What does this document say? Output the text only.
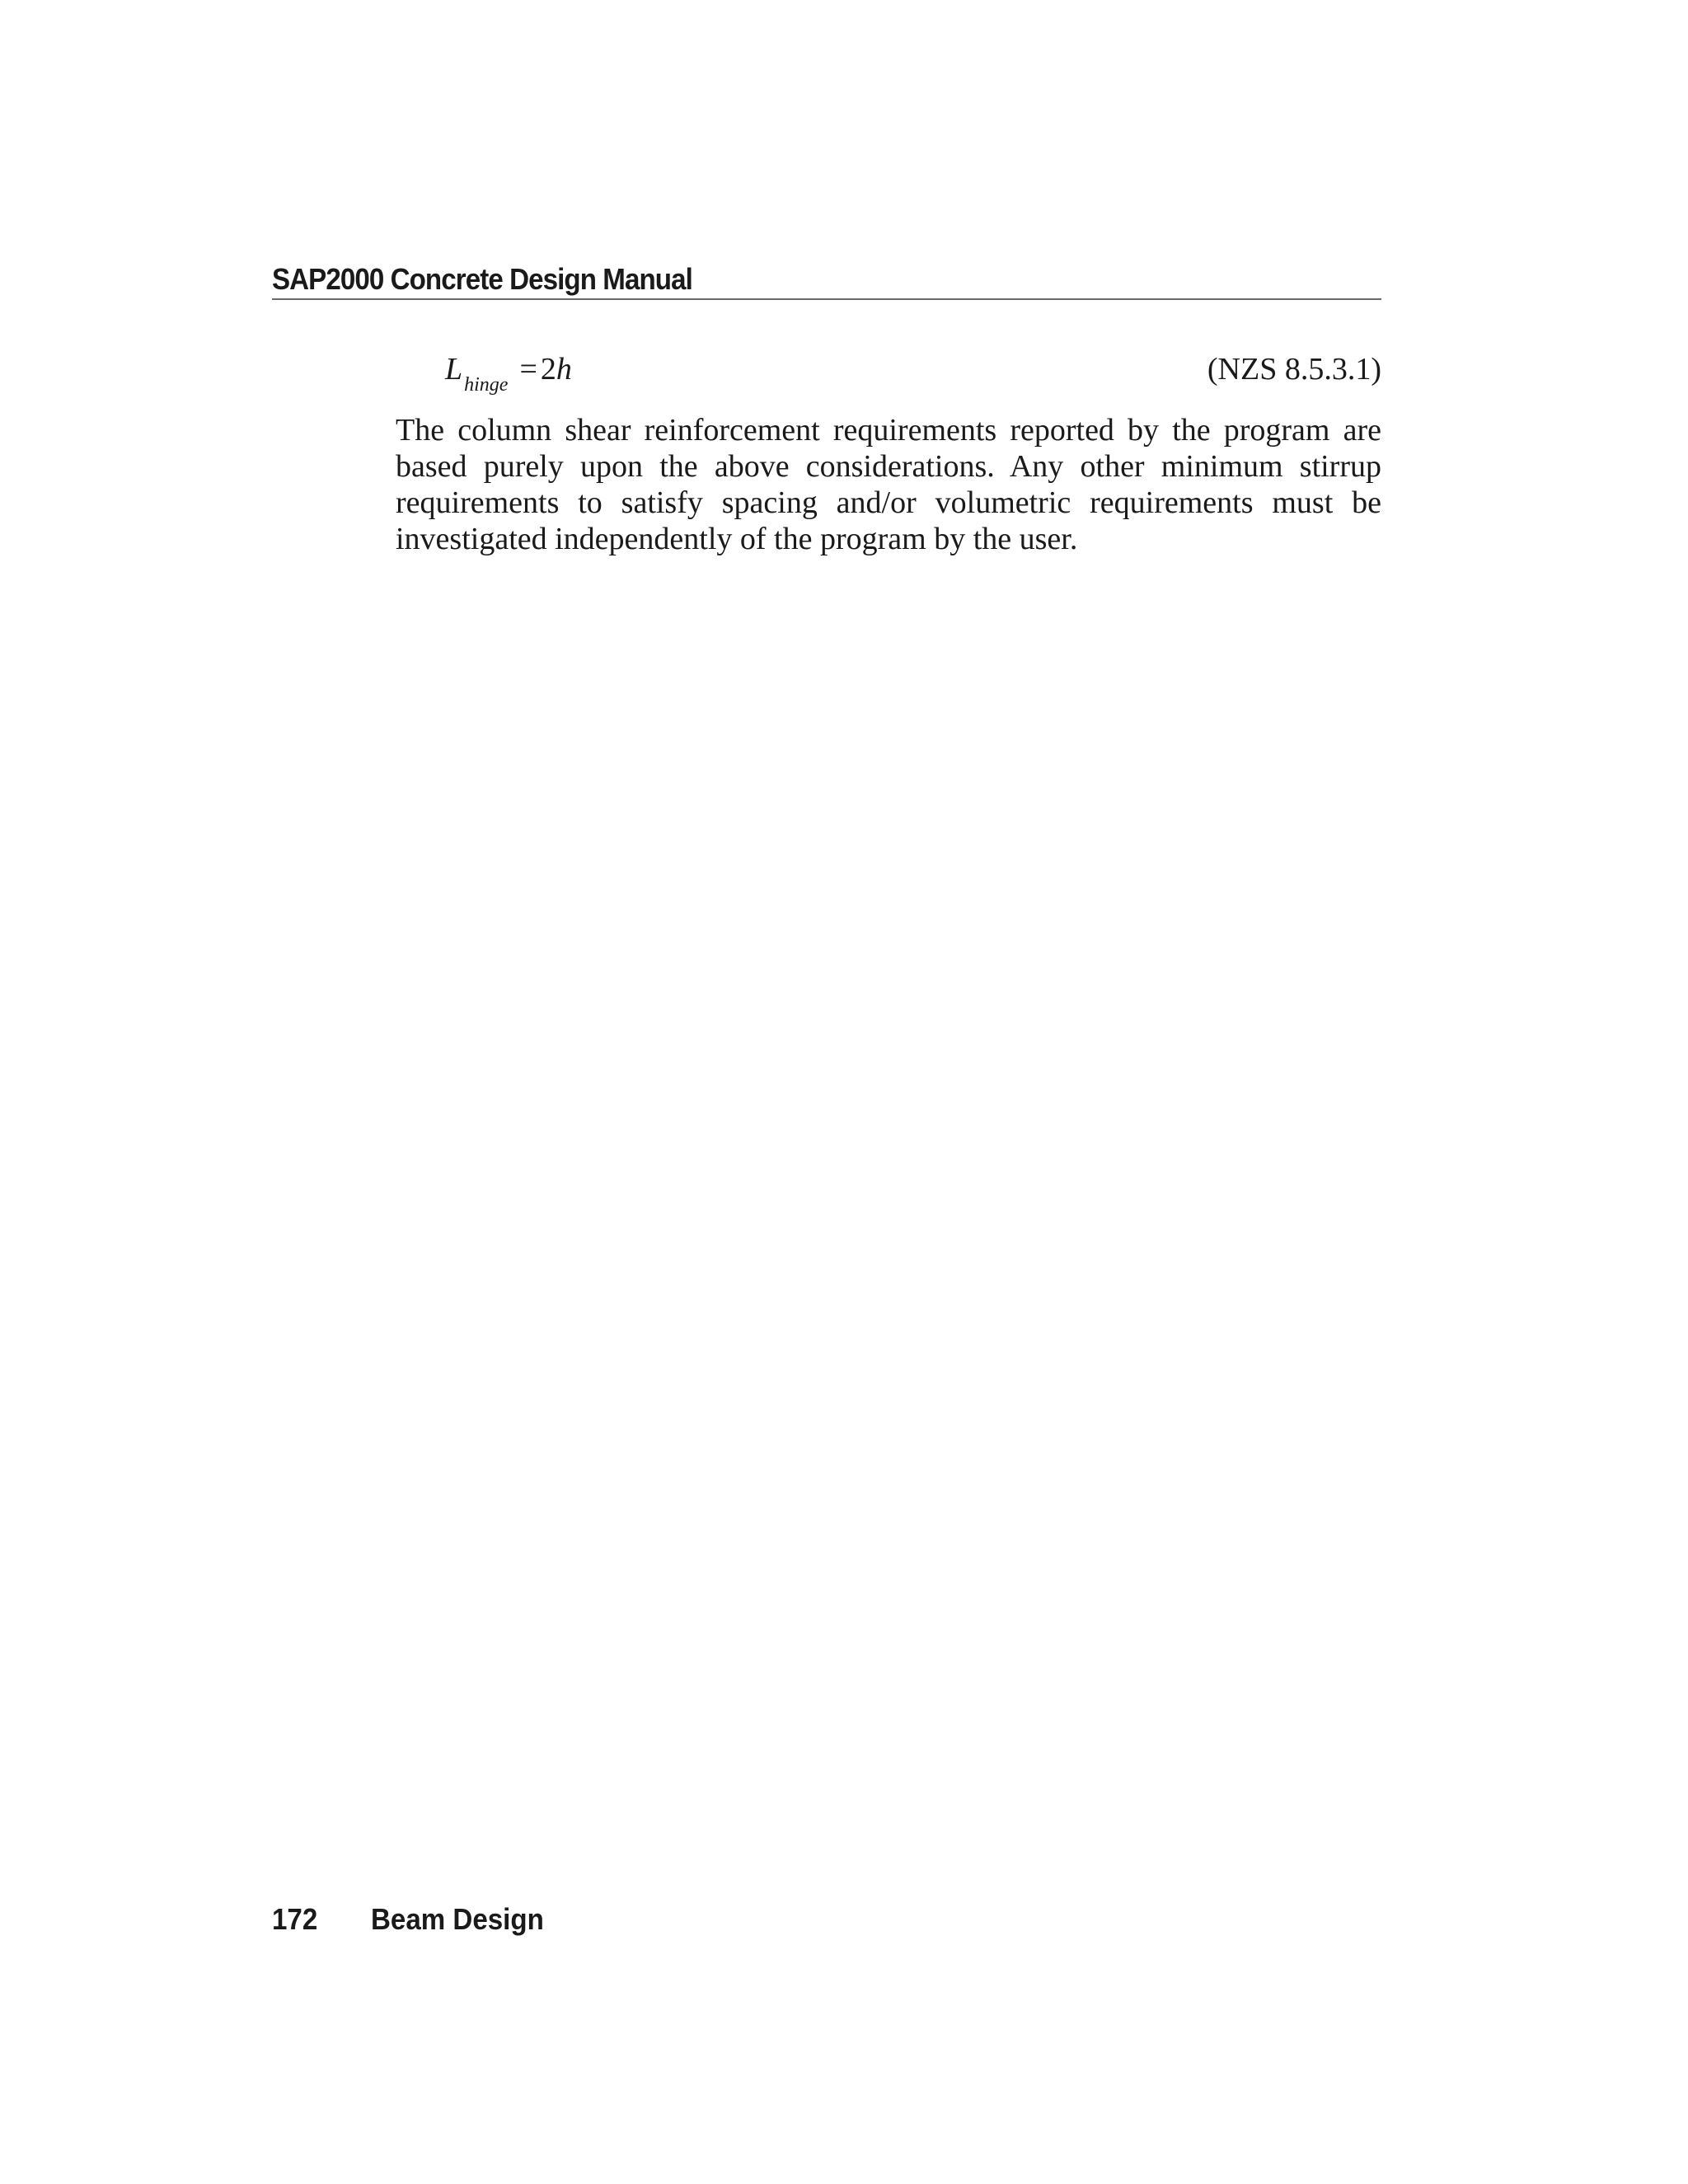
SAP2000 Concrete Design Manual
$L_{hinge} = 2h$	(NZS 8.5.3.1)

The column shear reinforcement requirements reported by the program are based purely upon the above considerations. Any other minimum stirrup requirements to satisfy spacing and/or volumetric requirements must be investigated independently of the program by the user.

172 Beam Design
